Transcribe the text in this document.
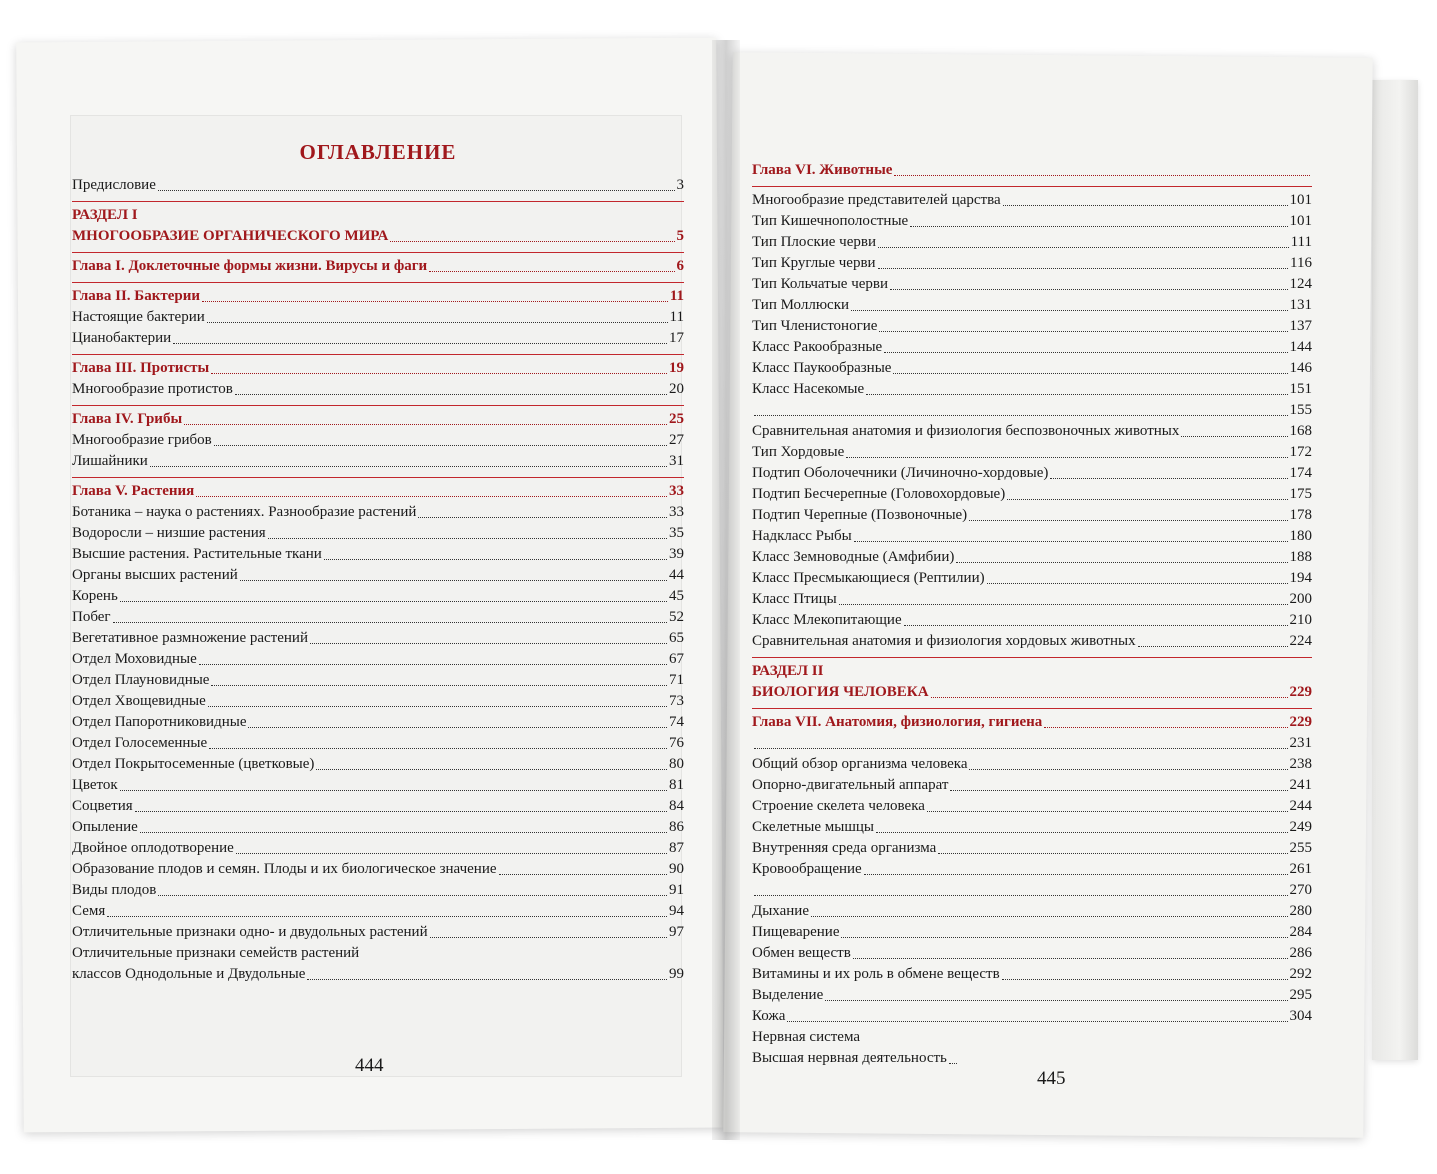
ОГЛАВЛЕНИЕ
Предисловие	3
РАЗДЕЛ I
МНОГООБРАЗИЕ ОРГАНИЧЕСКОГО МИРА	5
Глава I. Доклеточные формы жизни. Вирусы и фаги	6
Глава II. Бактерии	11
Настоящие бактерии	11
Цианобактерии	17
Глава III. Протисты	19
Многообразие протистов	20
Глава IV. Грибы	25
Многообразие грибов	27
Лишайники	31
Глава V. Растения	33
Ботаника – наука о растениях. Разнообразие растений	33
Водоросли – низшие растения	35
Высшие растения. Растительные ткани	39
Органы высших растений	44
Корень	45
Побег	52
Вегетативное размножение растений	65
Отдел Моховидные	67
Отдел Плауновидные	71
Отдел Хвощевидные	73
Отдел Папоротниковидные	74
Отдел Голосеменные	76
Отдел Покрытосеменные (цветковые)	80
Цветок	81
Соцветия	84
Опыление	86
Двойное оплодотворение	87
Образование плодов и семян. Плоды и их биологическое значение	90
Виды плодов	91
Семя	94
Отличительные признаки одно- и двудольных растений	97
Отличительные признаки семейств растений
классов Однодольные и Двудольные	99
Глава VI. Животные
Многообразие представителей царства	101
Тип Кишечнополостные	101
Тип Плоские черви	111
Тип Круглые черви	116
Тип Кольчатые черви	124
Тип Моллюски	131
Тип Членистоногие	137
Класс Ракообразные	144
Класс Паукообразные	146
Класс Насекомые	151
155
Сравнительная анатомия и физиология беспозвоночных животных	168
Тип Хордовые	172
Подтип Оболочечники (Личиночно-хордовые)	174
Подтип Бесчерепные (Головохордовые)	175
Подтип Черепные (Позвоночные)	178
Надкласс Рыбы	180
Класс Земноводные (Амфибии)	188
Класс Пресмыкающиеся (Рептилии)	194
Класс Птицы	200
Класс Млекопитающие	210
Сравнительная анатомия и физиология хордовых животных	224
РАЗДЕЛ II
БИОЛОГИЯ ЧЕЛОВЕКА	229
Глава VII. Анатомия, физиология, гигиена	229
231
Общий обзор организма человека	238
Опорно-двигательный аппарат	241
Строение скелета человека	244
Скелетные мышцы	249
Внутренняя среда организма	255
Кровообращение	261
270
Дыхание	280
Пищеварение	284
Обмен веществ	286
Витамины и их роль в обмене веществ	292
Выделение	295
Кожа	304
Нервная система
Высшая нервная деятельность
444
445
